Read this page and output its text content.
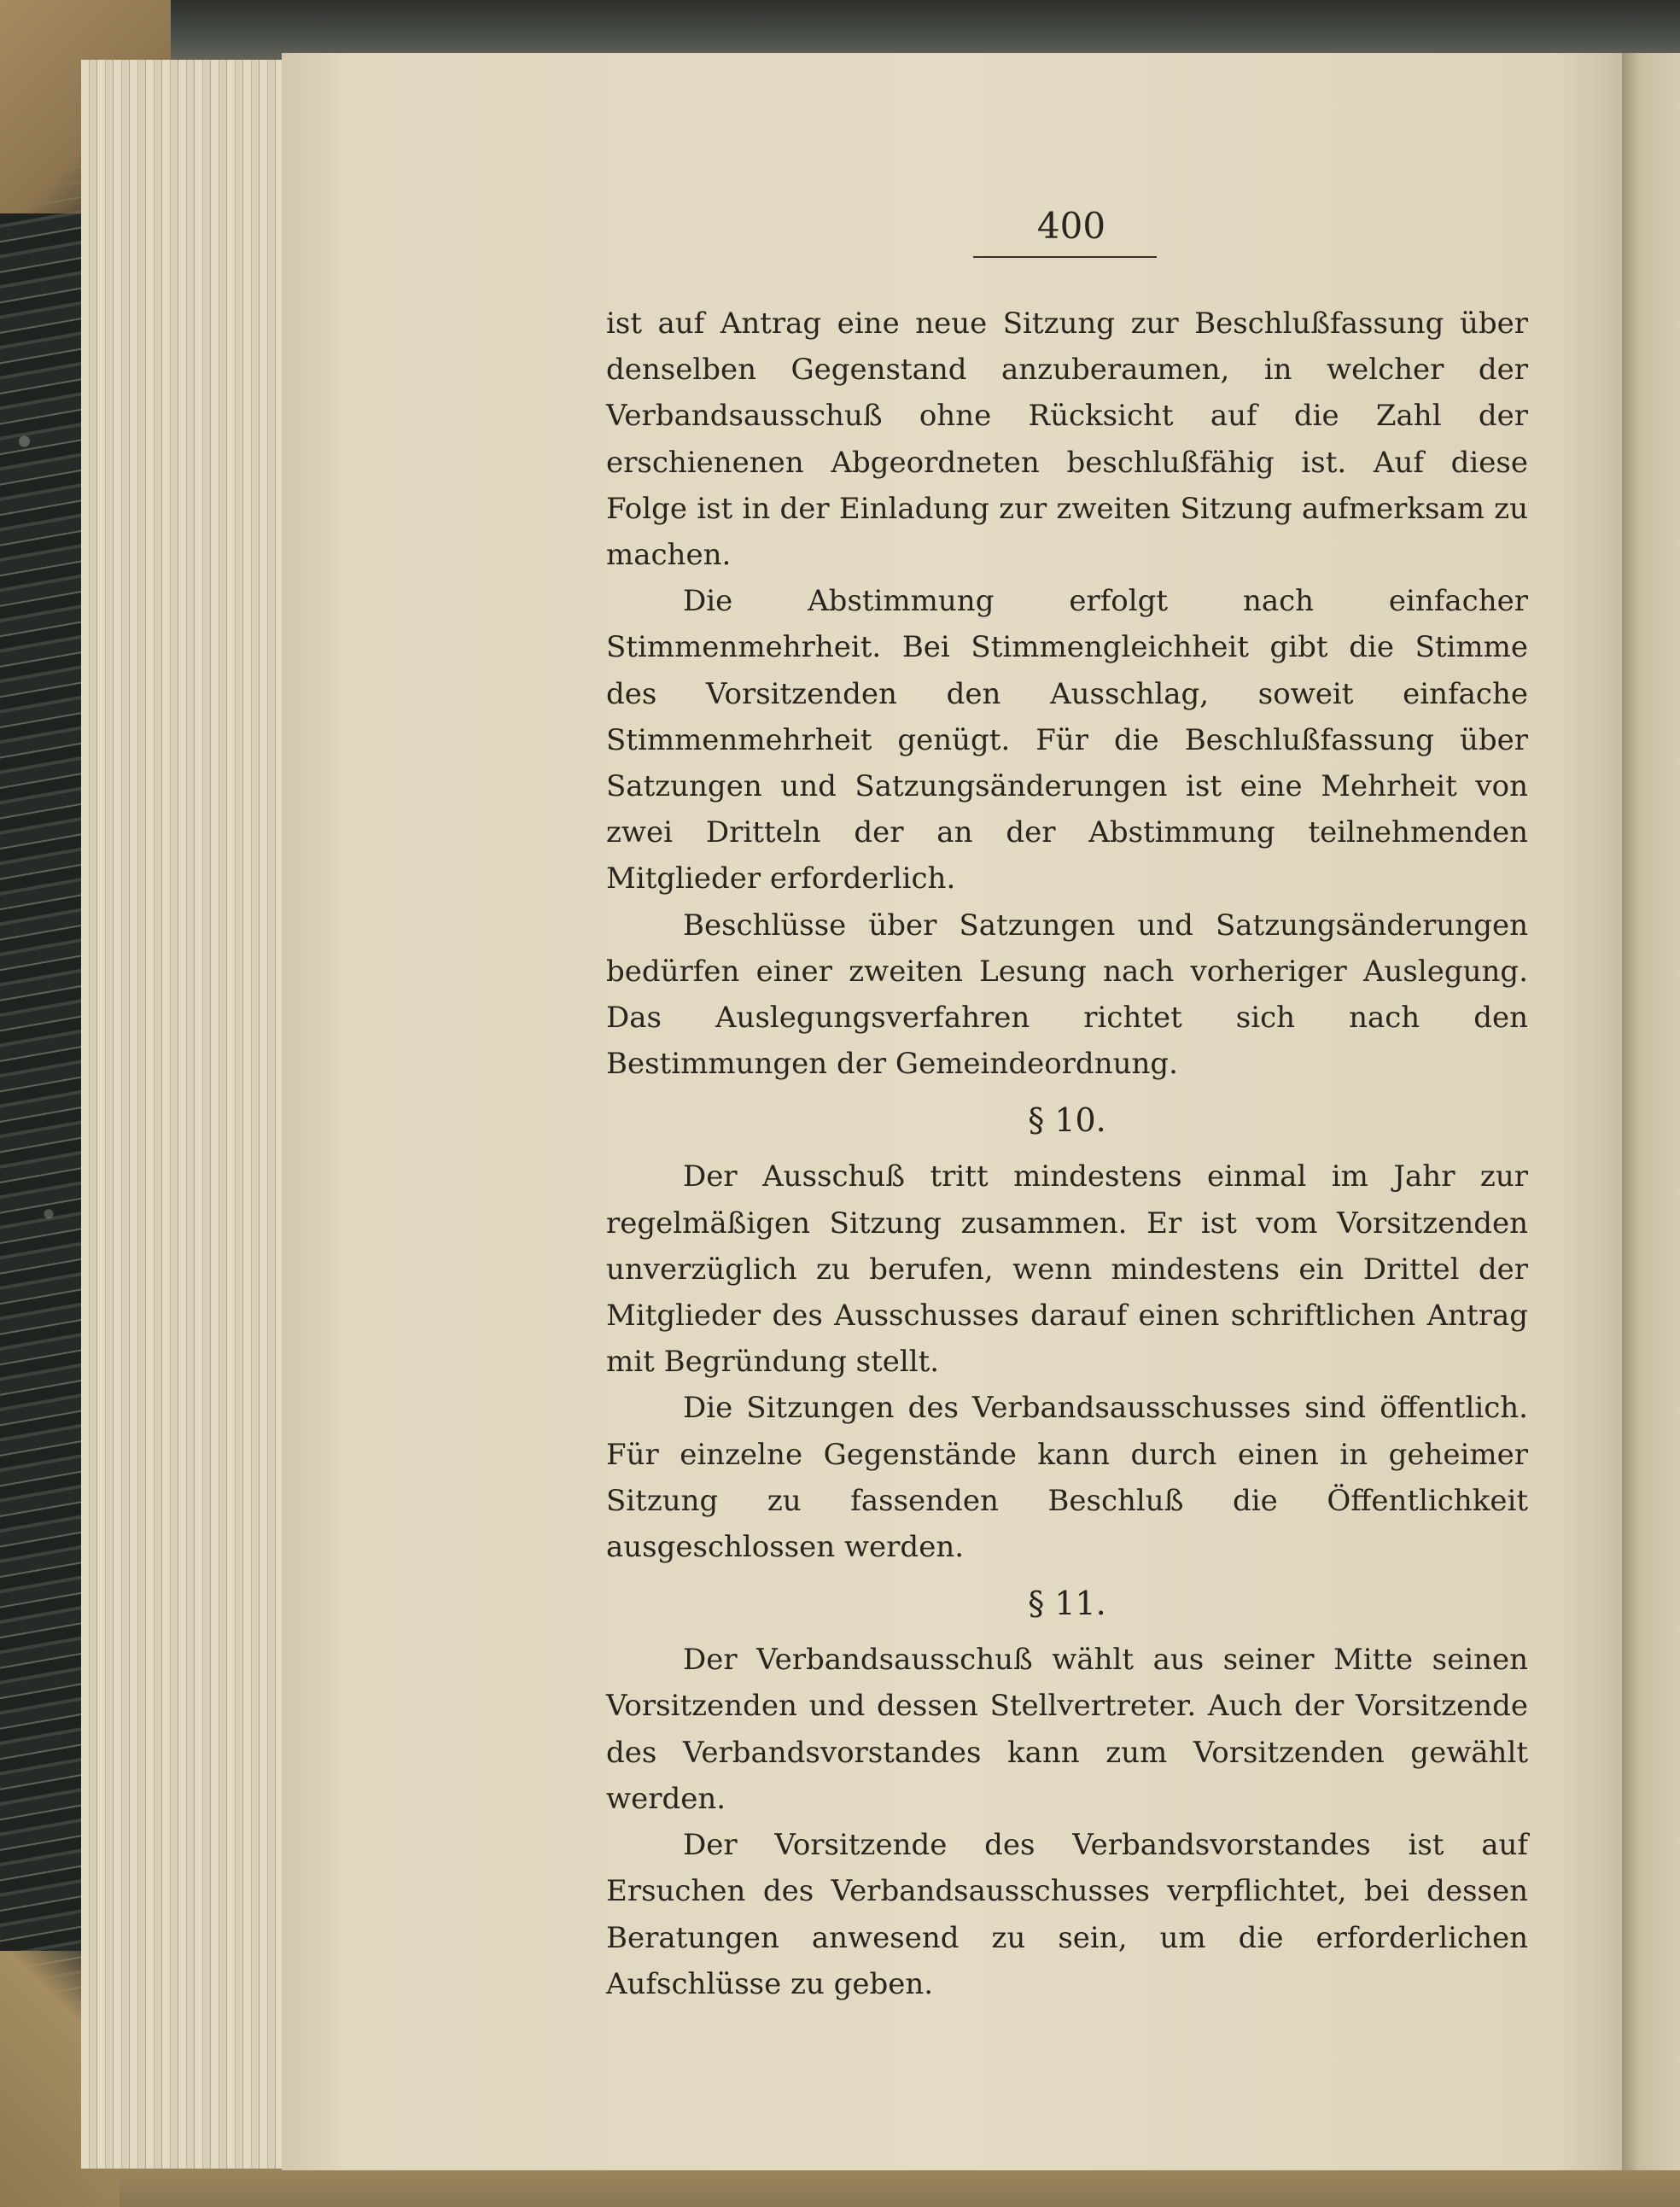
400

ist auf Antrag eine neue Sitzung zur Beschlußfassung über denselben Gegenstand anzuberaumen, in welcher der Verbandsausschuß ohne Rücksicht auf die Zahl der erschienenen Abgeordneten beschlußfähig ist. Auf diese Folge ist in der Einladung zur zweiten Sitzung aufmerksam zu machen.

Die Abstimmung erfolgt nach einfacher Stimmenmehrheit. Bei Stimmengleichheit gibt die Stimme des Vorsitzenden den Ausschlag, soweit einfache Stimmenmehrheit genügt. Für die Beschlußfassung über Satzungen und Satzungsänderungen ist eine Mehrheit von zwei Dritteln der an der Abstimmung teilnehmenden Mitglieder erforderlich.

Beschlüsse über Satzungen und Satzungsänderungen bedürfen einer zweiten Lesung nach vorheriger Auslegung. Das Auslegungsverfahren richtet sich nach den Bestimmungen der Gemeindeordnung.

§ 10.

Der Ausschuß tritt mindestens einmal im Jahr zur regelmäßigen Sitzung zusammen. Er ist vom Vorsitzenden unverzüglich zu berufen, wenn mindestens ein Drittel der Mitglieder des Ausschusses darauf einen schriftlichen Antrag mit Begründung stellt.

Die Sitzungen des Verbandsausschusses sind öffentlich. Für einzelne Gegenstände kann durch einen in geheimer Sitzung zu fassenden Beschluß die Öffentlichkeit ausgeschlossen werden.

§ 11.

Der Verbandsausschuß wählt aus seiner Mitte seinen Vorsitzenden und dessen Stellvertreter. Auch der Vorsitzende des Verbandsvorstandes kann zum Vorsitzenden gewählt werden.

Der Vorsitzende des Verbandsvorstandes ist auf Ersuchen des Verbandsausschusses verpflichtet, bei dessen Beratungen anwesend zu sein, um die erforderlichen Aufschlüsse zu geben.
